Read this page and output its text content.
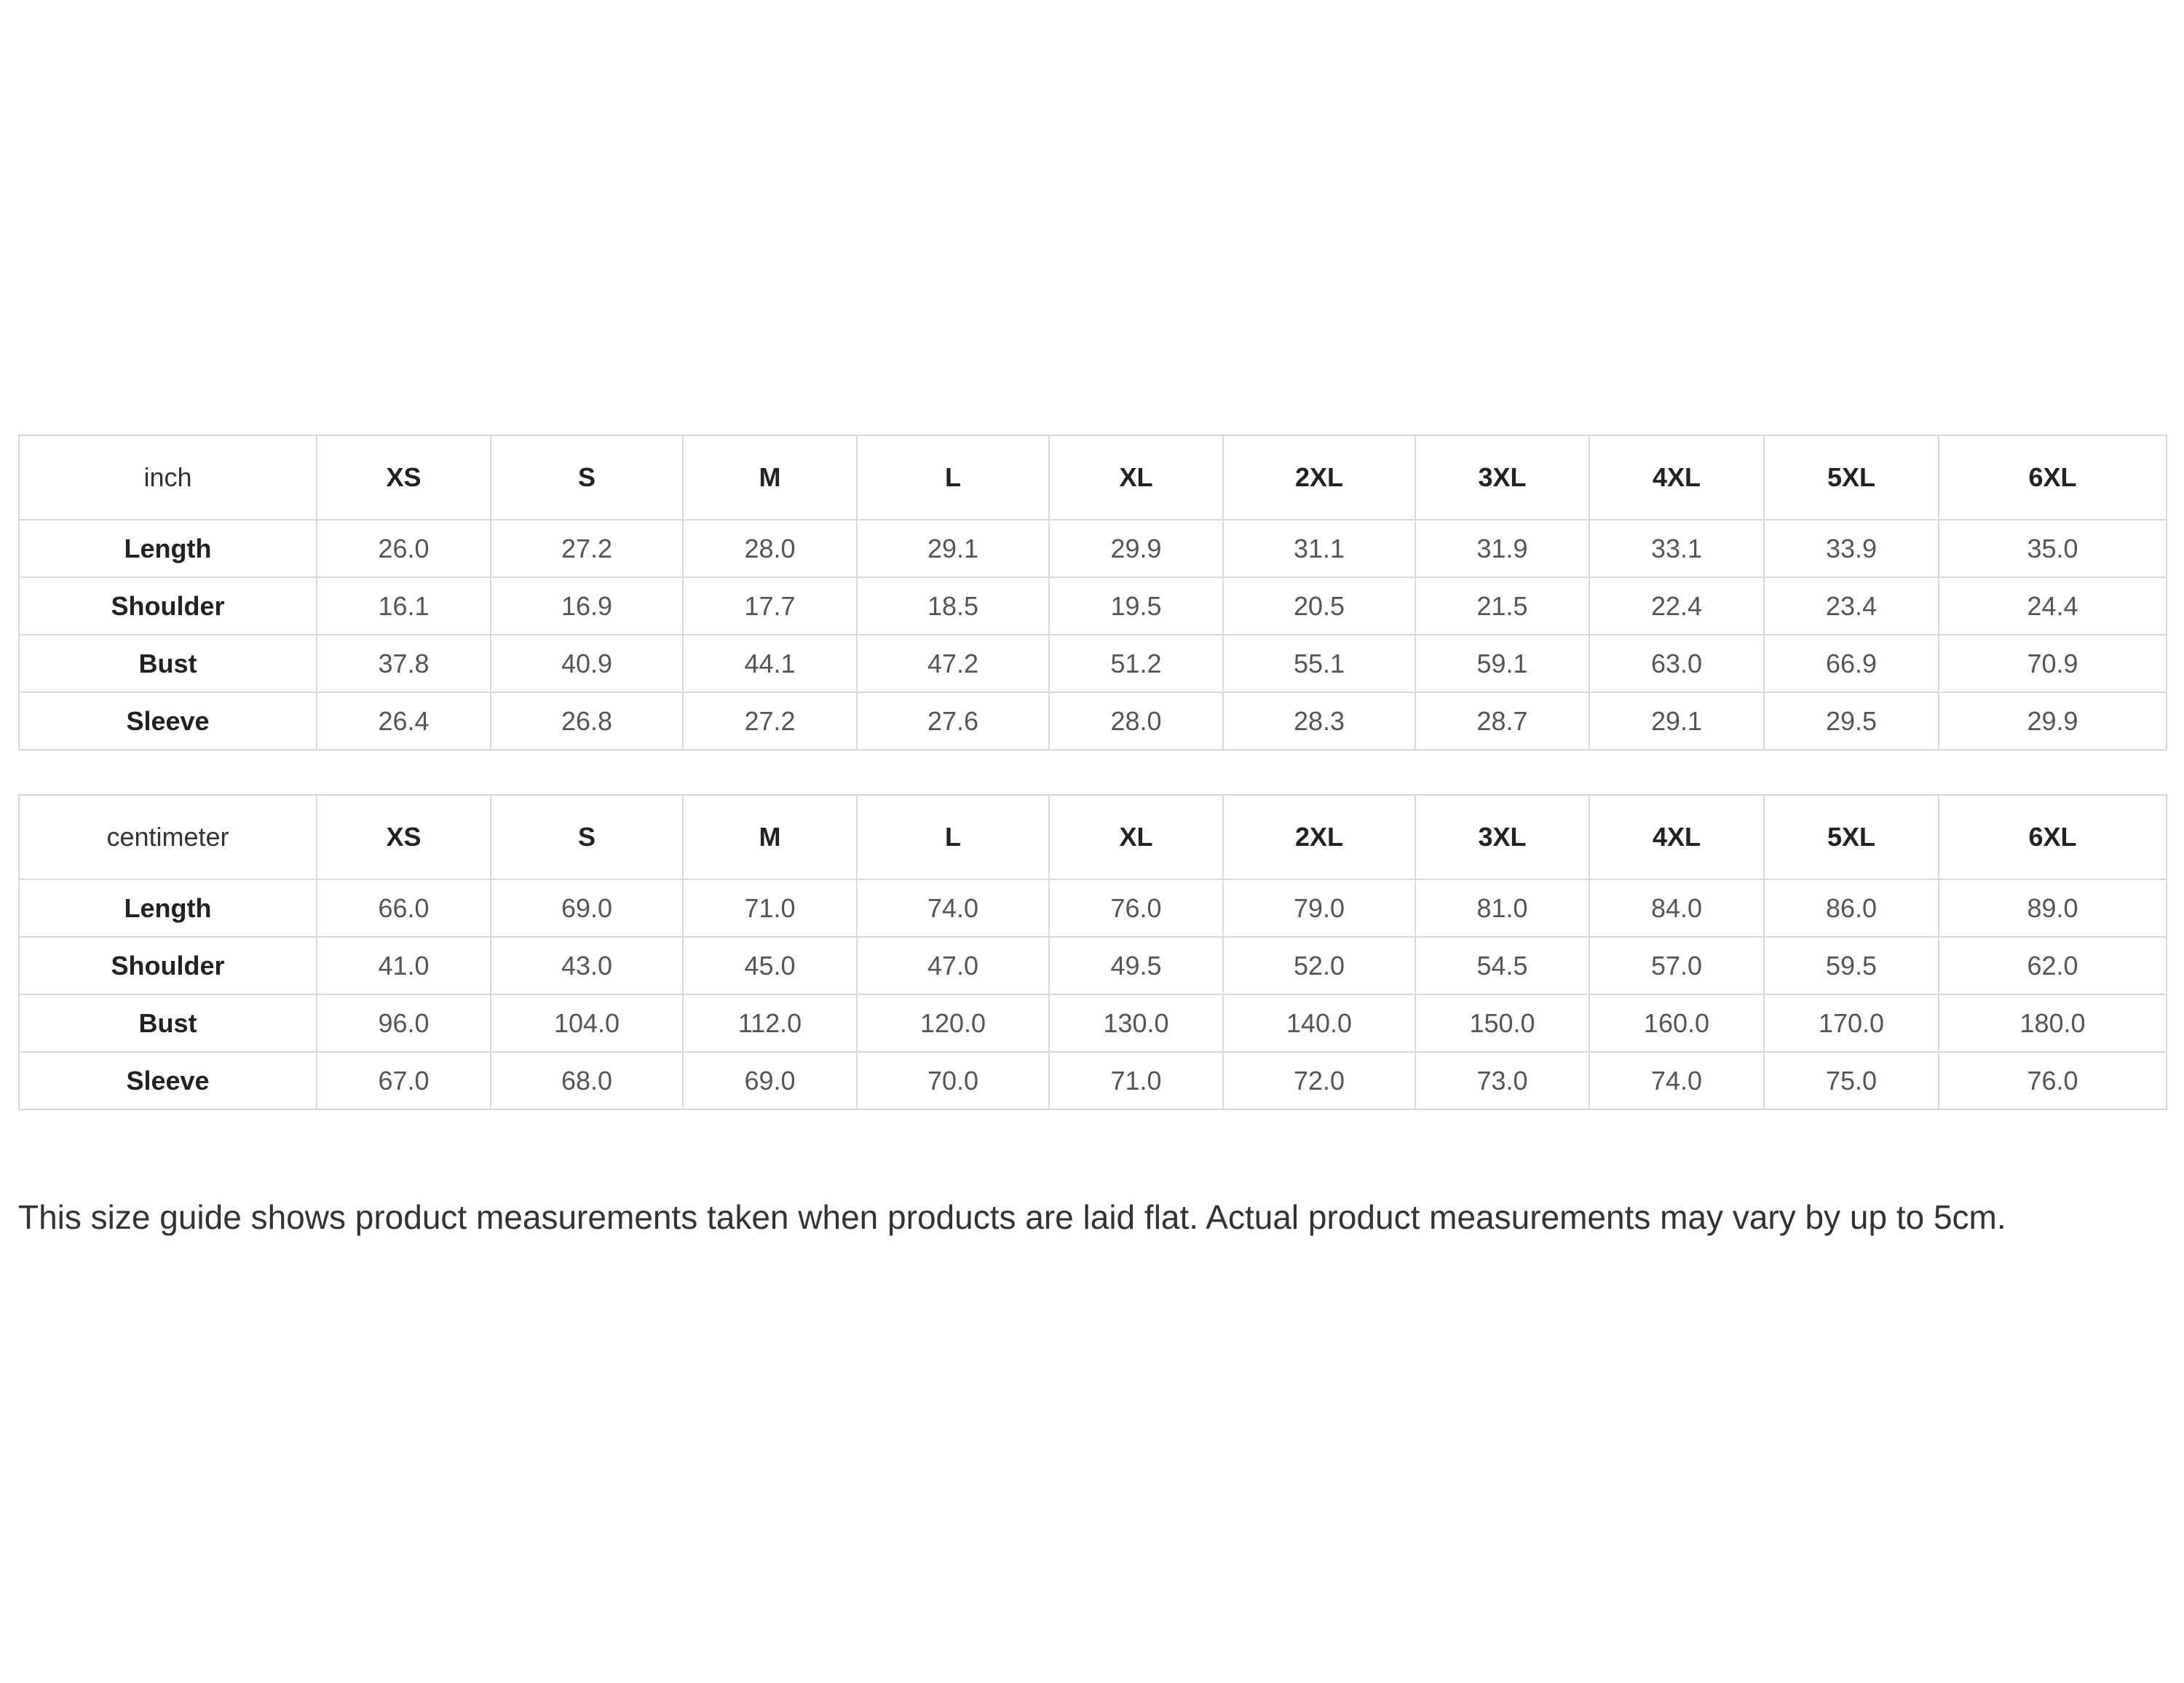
inch	XS	S	M	L	XL	2XL	3XL	4XL	5XL	6XL
Length	26.0	27.2	28.0	29.1	29.9	31.1	31.9	33.1	33.9	35.0
Shoulder	16.1	16.9	17.7	18.5	19.5	20.5	21.5	22.4	23.4	24.4
Bust	37.8	40.9	44.1	47.2	51.2	55.1	59.1	63.0	66.9	70.9
Sleeve	26.4	26.8	27.2	27.6	28.0	28.3	28.7	29.1	29.5	29.9
centimeter	XS	S	M	L	XL	2XL	3XL	4XL	5XL	6XL
Length	66.0	69.0	71.0	74.0	76.0	79.0	81.0	84.0	86.0	89.0
Shoulder	41.0	43.0	45.0	47.0	49.5	52.0	54.5	57.0	59.5	62.0
Bust	96.0	104.0	112.0	120.0	130.0	140.0	150.0	160.0	170.0	180.0
Sleeve	67.0	68.0	69.0	70.0	71.0	72.0	73.0	74.0	75.0	76.0
This size guide shows product measurements taken when products are laid flat. Actual product measurements may vary by up to 5cm.
